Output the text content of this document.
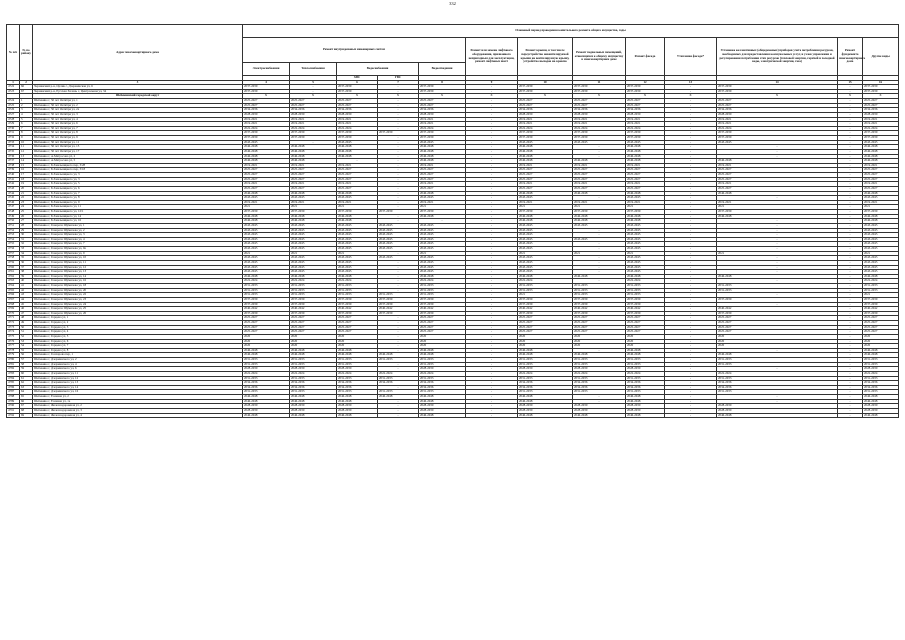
332
№ п/п	№ по району	Адрес многоквартирного дома	Плановый период проведения капитального ремонта общего имущества, годы													
			Ремонт внутридомовых инженерных систем					Ремонт или замена лифтового оборудования, признанного непригодным для эксплуатации, ремонт лифтовых шахт	Ремонт крыши, в том числе переустройство невентилируемой крыши на вентилируемую крышу, устройство выходов на кровлю	Ремонт подвальных помещений, относящихся к общему имуществу в многоквартирном доме	Ремонт фасада	Утепление фасада*	Установка коллективных (общедомовых) приборов учета потребления ресурсов, необходимых для предоставления коммунальных услуг, и узлов управления и регулирования потребления этих ресурсов (тепловой энергии, горячей и холодной воды, электрической энергии, газа)	Ремонт фундамента многоквартирного дома	Другие виды	
			Электроснабжения	Теплоснабжения	Водоснабжения		Водоотведения									
					ХВС	ГВС										
1	2	3	4	5	6	7	8	9	10	11	12	13	14	15	16	
4722	66	Чернянский р-н, Орлик с, Дзержинская ул, 6	2037-2039	-	2037-2039	-	2037-2039	-	2037-2039	2037-2039	2037-2039	-	2037-2039	-	2037-2039	
4723	67	Чернянский р-н, Русская Халань с, Центральная ул, 34	2037-2039	-	2037-2039	-	2037-2039	-	2037-2039	2037-2039	2037-2039	-	2037-2039	-	2037-2039	
		Шебекинский городской округ	X	X	X	X	X	X	X	X	X	X	X	X	X	
4724	1	Шебекино г, 50 лет Октября ул, 1	2025-2027	2025-2027	2025-2027	-	2025-2027	-	2025-2027	2025-2027	2025-2027	-	2025-2027	-	2025-2027	
4725	2	Шебекино г, 50 лет Октября ул, 2	2025-2027	2025-2027	2025-2027	-	2025-2027	-	2025-2027	2025-2027	2025-2027	-	2025-2027	-	2025-2027	
4726	3	Шебекино г, 50 лет Октября ул, 2а	2034-2036	2034-2036	2034-2036	-	2034-2036	-	2034-2036	2034-2036	2034-2036	-	2034-2036	-	2034-2036	
4727	4	Шебекино г, 50 лет Октября ул, 3	2028-2030	2028-2030	2028-2030	-	2028-2030	-	2028-2030	2028-2030	2028-2030	-	2028-2030	-	2028-2030	
4728	5	Шебекино г, 50 лет Октября ул, 4	2019-2021	2019-2021	2019-2021	-	2019-2021	-	2019-2021	2019-2021	2019-2021	-	2019-2021	-	2019-2021	
4729	6	Шебекино г, 50 лет Октября ул, 6	2019-2021	2019-2021	2019-2021	-	2019-2021	-	2019-2021	2019-2021	2019-2021	-	2019-2021	-	2019-2021	
4730	7	Шебекино г, 50 лет Октября ул, 7	2022-2024	2022-2024	2022-2024	-	2022-2024	-	2022-2024	2022-2024	2022-2024	-	2022-2024	-	2022-2024	
4731	8	Шебекино г, 50 лет Октября ул, 8	2037-2039	2037-2039	2037-2039	2037-2039	2037-2039	-	2037-2039	2037-2039	2037-2039	-	2037-2039	-	2037-2039	
4732	9	Шебекино г, 50 лет Октября ул, 9	2037-2039	2037-2039	2037-2039	-	2037-2039	-	2037-2039	2037-2039	2037-2039	-	2037-2039	-	2037-2039	
4733	10	Шебекино г, 50 лет Октября ул, 11	2043-2045	-	2043-2045	-	2043-2045	-	2043-2045	2043-2045	2043-2045	-	2043-2045	-	2043-2045	
4734	11	Шебекино г, 50 лет Октября ул, 15	2046-2048	2046-2048	2046-2048	-	2046-2048	-	2046-2048	-	2046-2048	-	-	-	2046-2048	
4735	12	Шебекино г, 50 лет Октября ул, 17	2046-2048	2046-2048	2046-2048	-	2046-2048	-	2046-2048	-	2046-2048	-	-	-	2046-2048	
4736	13	Шебекино г, А.Матросова ул, 2	2046-2048	2046-2048	2046-2048	-	2046-2048	-	2046-2048	-	2046-2048	-	-	-	2046-2048	
4737	14	Шебекино г, А.Матросова ул, 5	2046-2048	2046-2048	-	-	2046-2048	-	2046-2048	2046-2048	2046-2048	-	2046-2048	-	2046-2048	
4738	15	Шебекино г, Б.Хмельницкого пер, 3/28	2019-2021	2019-2021	2019-2021	-	2019-2021	-	2019-2021	2019-2021	2019-2021	-	2019-2021	-	2019-2021	
4739	16	Шебекино г, Б.Хмельницкого пер, 3/18	2025-2027	2025-2027	2025-2027	-	2025-2027	-	2025-2027	2025-2027	2025-2027	-	2025-2027	-	2025-2027	
4740	17	Шебекино г, Б.Хмельницкого ул, 3	2025-2027	2025-2027	2025-2027	-	2025-2027	-	2025-2027	2025-2027	2025-2027	-	2025-2027	-	2025-2027	
4741	18	Шебекино г, Б.Хмельницкого ул, 3	2025-2027	2025-2027	2025-2027	-	2025-2027	-	2025-2027	2025-2027	2025-2027	-	2025-2027	-	2025-2027	
4742	19	Шебекино г, Б.Хмельницкого ул, 5	2019-2021	2019-2021	2019-2021	-	2019-2021	-	2019-2021	2019-2021	2019-2021	-	2019-2021	-	2019-2021	
4743	20	Шебекино г, Б.Хмельницкого ул, 6	2025-2027	2025-2027	2025-2027	-	2025-2027	-	2025-2027	2025-2027	2025-2027	-	2025-2027	-	2025-2027	
4744	21	Шебекино г, Б.Хмельницкого ул, 7	2046-2048	2046-2048	2046-2048	-	2046-2048	-	2046-2048	2046-2048	2046-2048	-	2046-2048	-	2046-2048	
4745	22	Шебекино г, Б.Хмельницкого ул, 8	2043-2045	2043-2045	2043-2045	-	2043-2045	-	2043-2045	-	2043-2045	-	-	-	2043-2045	
4746	23	Шебекино г, Б.Хмельницкого ул, 9	2019-2021	2019-2021	2019-2021	-	2019-2021	-	2019-2021	2019-2021	2019-2021	-	2019-2021	-	2019-2021	
4747	24	Шебекино г, Б.Хмельницкого ул, 11	2021	2021	2021	-	2021	-	2021	2021	2021	-	2021	-	2021	
4748	25	Шебекино г, Б.Хмельницкого ул, 12/1	2037-2039	2037-2039	2037-2039	2037-2039	2037-2039	-	2037-2039	2037-2039	2037-2039	-	2037-2039	-	2037-2039	
4749	26	Шебекино г, Б.Хмельницкого ул, 14	2046-2048	2046-2048	2046-2048	-	2046-2048	-	2046-2048	2046-2048	2046-2048	-	2046-2048	-	2046-2048	
4750	27	Шебекино г, Б.Хмельницкого ул, 16	2046-2048	2046-2048	2046-2048	-	-	-	2046-2048	2046-2048	2046-2048	-	-	-	2046-2048	
4751	28	Шебекино г, Генерала Шумилова ул, 1	2043-2045	2043-2045	2043-2045	2043-2045	2043-2045	-	2043-2045	2043-2045	2043-2045	-	-	-	2043-2045	
4752	29	Шебекино г, Генерала Шумилова ул, 2	2043-2045	2043-2045	2043-2045	2043-2045	2043-2045	-	2043-2045	-	2043-2045	-	-	-	2043-2045	
4753	30	Шебекино г, Генерала Шумилова ул, 3	2043-2045	2043-2045	2043-2045	2043-2045	2043-2045	-	2043-2045	-	2043-2045	-	-	-	2043-2045	
4754	31	Шебекино г, Генерала Шумилова ул, 4	2043-2045	2043-2045	2043-2045	2043-2045	2043-2045	-	2043-2045	2043-2045	2043-2045	-	-	-	2043-2045	
4755	32	Шебекино г, Генерала Шумилова ул, 7	2043-2045	2043-2045	2043-2045	2043-2045	2043-2045	-	2043-2045	-	2043-2045	-	-	-	2043-2045	
4756	33	Шебекино г, Генерала Шумилова ул, 9а	2043-2045	2043-2045	2043-2045	2043-2045	2043-2045	-	2043-2045	-	2043-2045	-	-	-	2043-2045	
4757	34	Шебекино г, Генерала Шумилова ул, 9	2021	2021	2021	-	2021	-	2021	2021	2021	-	2021	-	2021	
4758	35	Шебекино г, Генерала Шумилова ул, 10	2043-2045	2043-2045	2043-2045	2043-2045	2043-2045	-	2043-2045	-	2043-2045	-	-	-	2043-2045	
4759	36	Шебекино г, Генерала Шумилова ул, 11	2043-2045	2043-2045	2043-2045	-	2043-2045	-	2043-2045	-	2043-2045	-	-	-	2043-2045	
4760	37	Шебекино г, Генерала Шумилова ул, 12	2043-2045	2043-2045	2043-2045	-	2043-2045	-	2043-2045	-	2043-2045	-	-	-	2043-2045	
4761	38	Шебекино г, Генерала Шумилова ул, 13	2043-2045	2043-2045	2043-2045	-	2043-2045	-	2043-2045	-	2043-2045	-	-	-	2043-2045	
4762	39	Шебекино г, Генерала Шумилова ул, 14	2046-2048	2046-2048	2046-2048	-	2046-2048	-	2046-2048	2046-2048	2046-2048	-	2046-2048	-	2046-2048	
4763	40	Шебекино г, Генерала Шумилова ул, 16	2022-2024	2022-2024	2022-2024	-	2022-2024	-	2022-2024	-	2022-2024	-	-	-	2022-2024	
4764	41	Шебекино г, Генерала Шумилова ул, 18	2031-2033	2031-2033	2031-2033	-	2031-2033	-	2031-2033	2031-2033	2031-2033	-	2031-2033	-	2031-2033	
4765	42	Шебекино г, Генерала Шумилова ул, 20	2031-2033	2031-2033	2031-2033	-	2031-2033	-	2031-2033	2031-2033	2031-2033	-	2031-2033	-	2031-2033	
4766	43	Шебекино г, Генерала Шумилова ул, 22	2031-2033	2031-2033	2031-2033	2031-2033	2031-2033	-	2021	2031-2033	2031-2033	-	-	-	2021	
4767	44	Шебекино г, Генерала Шумилова ул, 23	2037-2039	2037-2039	2037-2039	2037-2039	2037-2039	-	2037-2039	2037-2039	2037-2039	-	2037-2039	-	2037-2039	
4768	45	Шебекино г, Генерала Шумилова ул, 24	2037-2039	2037-2039	2037-2039	2037-2039	2037-2039	-	2037-2039	2037-2039	2037-2039	-	-	-	2037-2039	
4769	46	Шебекино г, Генерала Шумилова ул, 25	2040-2042	2040-2042	2040-2042	2040-2042	2040-2042	-	2040-2042	2040-2042	2040-2042	-	2040-2042	-	2040-2042	
4770	47	Шебекино г, Генерала Шумилова ул, 26	2037-2039	2037-2039	2037-2039	2037-2039	2037-2039	-	2037-2039	2037-2039	2037-2039	-	2037-2039	-	2037-2039	
4771	48	Шебекино г, Герцена ул, 1	2025-2027	2025-2027	2025-2027	-	2025-2027	-	2025-2027	2025-2027	2025-2027	-	2025-2027	-	2025-2027	
4772	49	Шебекино г, Герцена ул, 2	2025-2027	2025-2027	2025-2027	-	2025-2027	-	2025-2027	2025-2027	2025-2027	-	2025-2027	-	2025-2027	
4773	50	Шебекино г, Герцена ул, 3	2025-2027	2025-2027	2025-2027	-	2025-2027	-	2025-2027	2025-2027	2025-2027	-	2025-2027	-	2025-2027	
4774	51	Шебекино г, Герцена ул, 4	2025-2027	2025-2027	2025-2027	-	2025-2027	-	2025-2027	2025-2027	2025-2027	-	2025-2027	-	2025-2027	
4775	52	Шебекино г, Герцена ул, 5	2020	2020	2020	-	2020	-	2020	2020	2020	-	2020	-	2020	
4776	53	Шебекино г, Герцена ул, 6	2020	2020	2020	-	2020	-	2020	2020	2020	-	2020	-	2020	
4777	54	Шебекино г, Герцена ул, 7	2020	2020	2020	-	2020	-	2020	2020	2020	-	2020	-	2020	
4778	55	Шебекино г, Герцена ул, 8	2046-2048	2046-2048	2046-2048	-	2046-2048	-	2046-2048	-	2046-2048	-	-	-	2046-2048	
4779	56	Шебекино г, Гончарова пер, 1	2046-2048	2046-2048	2046-2048	2046-2048	2046-2048	-	2046-2048	2046-2048	2046-2048	-	2046-2048	-	2046-2048	
4780	57	Шебекино г, Дзержинского ул, 2	2031-2033	2031-2033	2031-2033	2031-2033	2031-2033	-	2031-2033	2031-2033	2031-2033	-	2031-2033	-	2031-2033	
4781	58	Шебекино г, Дзержинского ул, 4	2031-2033	2031-2033	2031-2033	-	2031-2033	-	2031-2033	2031-2033	2031-2033	-	2031-2033	-	2031-2033	
4782	59	Шебекино г, Дзержинского ул, 6	2028-2030	2028-2030	2028-2030	-	2028-2030	-	2028-2030	2028-2030	2028-2030	-	-	-	2028-2030	
4783	60	Шебекино г, Дзержинского ул, 11	2022-2024	2022-2024	2022-2024	2022-2024	2022-2024	-	2022-2024	2022-2024	2022-2024	-	2022-2024	-	2022-2024	
4784	61	Шебекино г, Дзержинского ул, 12	2031-2033	2031-2033	2031-2033	2031-2033	2031-2033	-	2031-2033	2031-2033	2031-2033	-	2031-2033	-	2031-2033	
4785	62	Шебекино г, Дзержинского ул, 13	2034-2036	2034-2036	2034-2036	2034-2036	2034-2036	-	2034-2036	2034-2036	2034-2036	-	2034-2036	-	2034-2036	
4786	63	Шебекино г, Дзержинского ул, 14	2034-2036	2034-2036	2034-2036	-	2034-2036	-	2034-2036	2034-2036	2034-2036	-	2034-2036	-	2034-2036	
4787	64	Шебекино г, Дзержинского ул, 16	2031-2033	2031-2033	2031-2033	2031-2033	2031-2033	-	2031-2033	2031-2033	2031-2033	-	2031-2033	-	2031-2033	
4788	65	Шебекино г, Есенина ул, 2	2046-2048	2046-2048	2046-2048	2046-2048	2046-2048	-	2046-2048	-	2046-2048	-	-	-	2046-2048	
4789	66	Шебекино г, Есенина ул, 1а	2046-2048	2046-2048	2046-2048	-	2046-2048	-	2046-2048	-	2046-2048	-	-	-	2046-2048	
4790	67	Шебекино г, Железнодорожная ул, 2	2028-2030	2028-2030	2028-2030	-	2028-2030	-	2028-2030	2028-2030	2028-2030	-	2028-2030	-	2028-2030	
4791	68	Шебекино г, Железнодорожная ул, 3	2028-2030	2028-2030	2028-2030	-	2028-2030	-	2028-2030	2028-2030	2028-2030	-	2028-2030	-	2028-2030	
4792	69	Шебекино г, Железнодорожная ул, 4	2046-2048	2046-2048	2046-2048	-	2046-2048	-	2046-2048	2046-2048	2046-2048	-	2046-2048	-	2046-2048	
